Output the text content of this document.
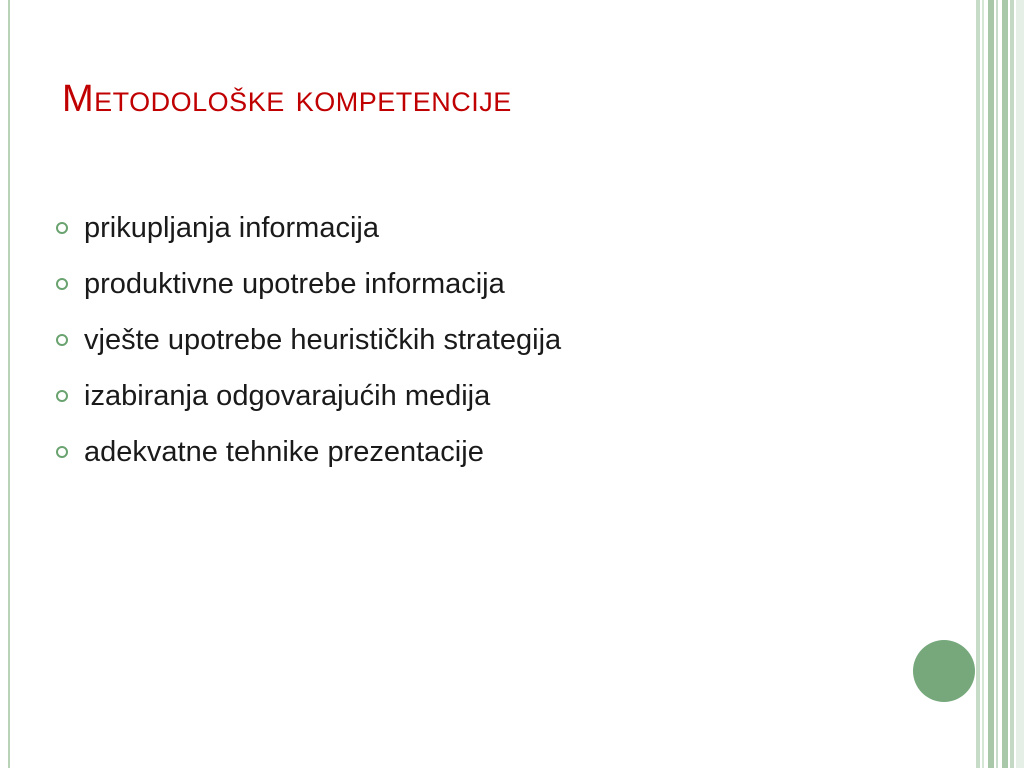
Metodološke kompetencije
prikupljanja informacija
produktivne upotrebe informacija
vješte upotrebe heurističkih strategija
izabiranja odgovarajućih medija
adekvatne tehnike prezentacije
